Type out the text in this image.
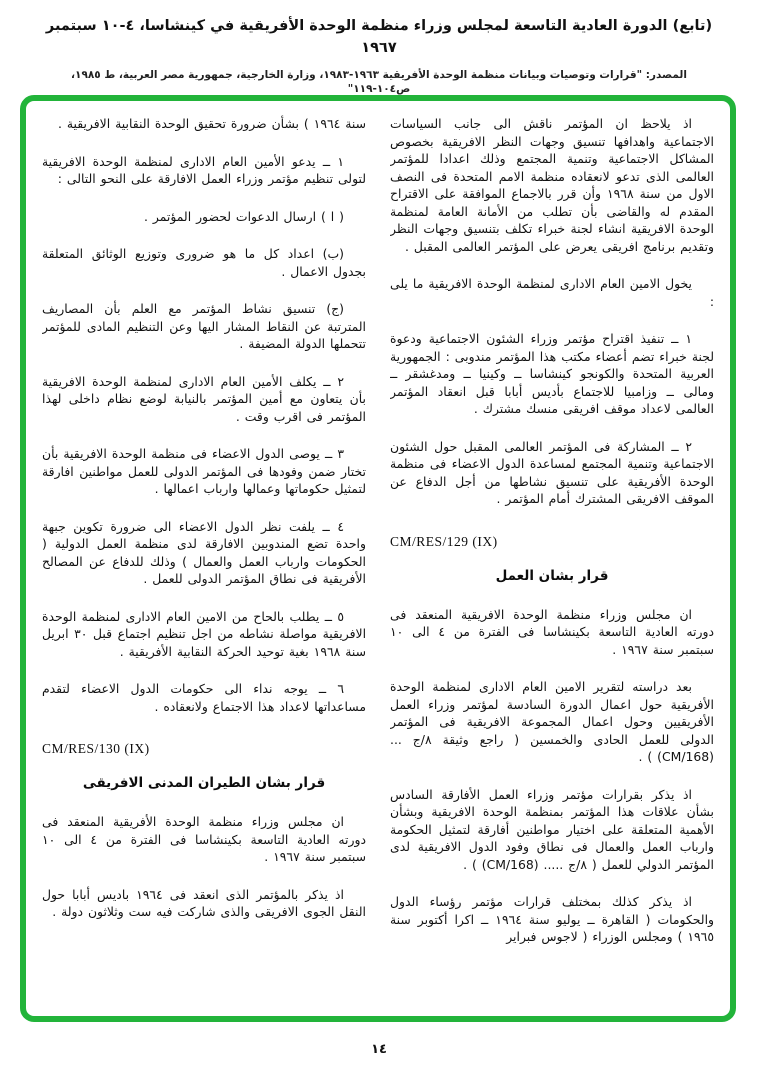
(تابع) الدورة العادية التاسعة لمجلس وزراء منظمة الوحدة الأفريقية في كينشاسا، ٤-١٠ سبتمبر ١٩٦٧
المصدر: "قرارات وتوصيات وبيانات منظمة الوحدة الأفريقية ١٩٦٣-١٩٨٣، وزارة الخارجية، جمهورية مصر العربية، ط ١٩٨٥، ص١٠٤-١١٩"

اذ يلاحظ ان المؤتمر ناقش الى جانب السياسات الاجتماعية واهدافها تنسيق وجهات النظر الافريقية بخصوص المشاكل الاجتماعية وتنمية المجتمع وذلك اعدادا للمؤتمر العالمى الذى تدعو لانعقاده منظمة الامم المتحدة فى النصف الاول من سنة ١٩٦٨ وأن قرر بالاجماع الموافقة على الاقتراح المقدم له والقاضى بأن تطلب من الأمانة العامة لمنظمة الوحدة الافريقية انشاء لجنة خبراء تكلف بتنسيق وجهات النظر وتقديم برنامج افريقى يعرض على المؤتمر العالمى المقبل .

يخول الامين العام الادارى لمنظمة الوحدة الافريقية ما يلى :

١ ــ تنفيذ اقتراح مؤتمر وزراء الشئون الاجتماعية ودعوة لجنة خبراء تضم أعضاء مكتب هذا المؤتمر مندوبى : الجمهورية العربية المتحدة والكونجو كينشاسا ــ وكينيا ــ ومدغشقر ــ ومالى ــ وزامبيا للاجتماع بأديس أبابا قبل انعقاد المؤتمر العالمى لاعداد موقف افريقى منسك مشترك .

٢ ــ المشاركة فى المؤتمر العالمى المقبل حول الشئون الاجتماعية وتنمية المجتمع لمساعدة الدول الاعضاء فى منظمة الوحدة الأفريقية على تنسيق نشاطها من أجل الدفاع عن الموقف الافريقى المشترك أمام المؤتمر .

CM/RES/129 (IX)

قرار بشان العمل

ان مجلس وزراء منظمة الوحدة الافريقية المنعقد فى دورته العادية التاسعة بكينشاسا فى الفترة من ٤ الى ١٠ سبتمبر سنة ١٩٦٧ .

بعد دراسته لتقرير الامين العام الادارى لمنظمة الوحدة الأفريقية حول اعمال الدورة السادسة لمؤتمر وزراء العمل الأفريقيين وحول اعمال المجموعة الافريقية فى المؤتمر الدولى للعمل الحادى والخمسين ( راجع وثيقة ٨/ج ... (CM/168) ) .

اذ يذكر بقرارات مؤتمر وزراء العمل الأفارقة السادس بشأن علاقات هذا المؤتمر بمنظمة الوحدة الافريقية وبشأن الأهمية المتعلقة على اختيار مواطنين أفارقة لتمثيل الحكومة وارباب العمل والعمال فى نطاق وفود الدول الافريقية لدى المؤتمر الدولي للعمل ( ٨/ج ..... (CM/168) ) .

اذ يذكر كذلك بمختلف قرارات مؤتمر رؤساء الدول والحكومات ( القاهرة ــ يوليو سنة ١٩٦٤ ــ اكرا أكتوبر سنة ١٩٦٥ ) ومجلس الوزراء ( لاجوس فبراير

سنة ١٩٦٤ ) بشأن ضرورة تحقيق الوحدة النقابية الافريقية .

١ ــ يدعو الأمين العام الادارى لمنظمة الوحدة الافريقية لتولى تنظيم مؤتمر وزراء العمل الافارقة على النحو التالى :

( ا ) ارسال الدعوات لحضور المؤتمر .

(ب) اعداد كل ما هو ضرورى وتوزيع الوثائق المتعلقة بجدول الاعمال .

(ج) تنسيق نشاط المؤتمر مع العلم بأن المصاريف المترتبة عن النقاط المشار اليها وعن التنظيم المادى للمؤتمر تتحملها الدولة المضيفة .

٢ ــ يكلف الأمين العام الادارى لمنظمة الوحدة الافريقية بأن يتعاون مع أمين المؤتمر بالنيابة لوضع نظام داخلى لهذا المؤتمر فى اقرب وقت .

٣ ــ يوصى الدول الاعضاء فى منظمة الوحدة الافريقية بأن تختار ضمن وفودها فى المؤتمر الدولى للعمل مواطنين افارقة لتمثيل حكوماتها وعمالها وارباب اعمالها .

٤ ــ يلفت نظر الدول الاعضاء الى ضرورة تكوين جبهة واحدة تضع المندوبين الافارقة لدى منظمة العمل الدولية ( الحكومات وارباب العمل والعمال ) وذلك للدفاع عن المصالح الأفريقية فى نطاق المؤتمر الدولى للعمل .

٥ ــ يطلب بالحاح من الامين العام الادارى لمنظمة الوحدة الافريقية مواصلة نشاطه من اجل تنظيم اجتماع قبل ٣٠ ابريل سنة ١٩٦٨ بغية توحيد الحركة النقابية الأفريقية .

٦ ــ يوجه نداء الى حكومات الدول الاعضاء لتقدم مساعداتها لاعداد هذا الاجتماع ولانعقاده .

CM/RES/130 (IX)

قرار بشان الطيران المدنى الافريقى

ان مجلس وزراء منظمة الوحدة الأفريقية المنعقد فى دورته العادية التاسعة بكينشاسا فى الفترة من ٤ الى ١٠ سبتمبر سنة ١٩٦٧ .

اذ يذكر بالمؤتمر الذى انعقد فى ١٩٦٤ باديس أبابا حول النقل الجوى الافريقى والذى شاركت فيه ست وثلاثون دولة .

١٤
